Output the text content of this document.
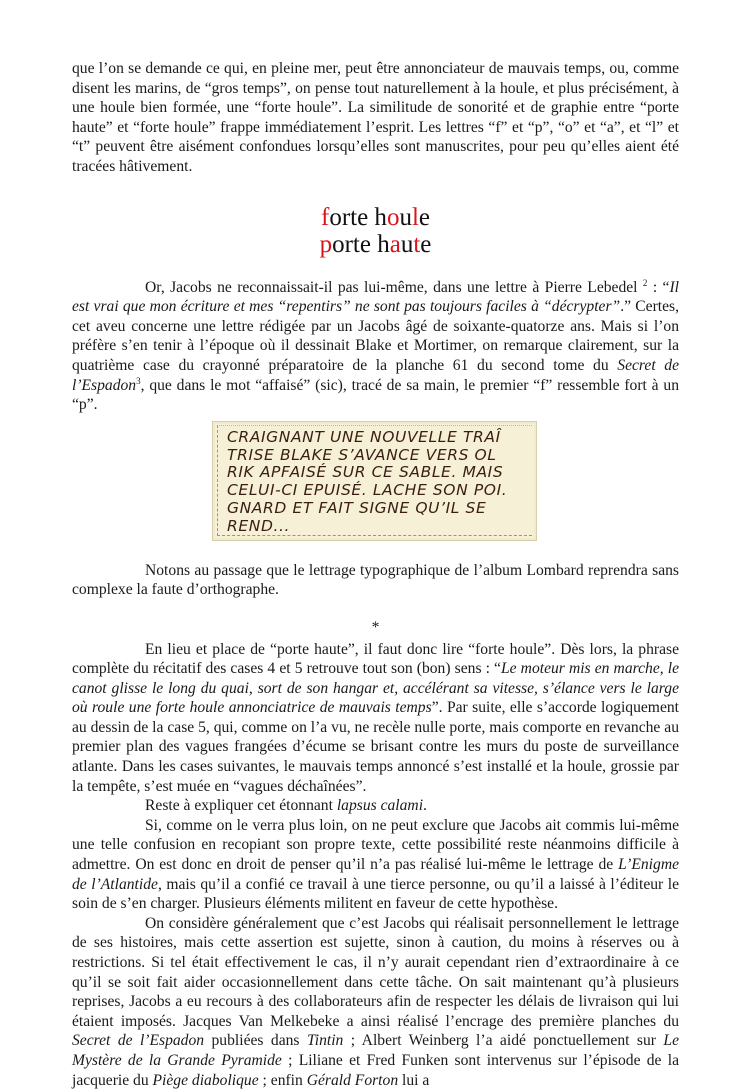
que l’on se demande ce qui, en pleine mer, peut être annonciateur de mauvais temps, ou, comme disent les marins, de “gros temps”, on pense tout naturellement à la houle, et plus précisément, à une houle bien formée, une “forte houle”. La similitude de sonorité et de graphie entre “porte haute” et “forte houle” frappe immédiatement l’esprit. Les lettres “f” et “p”, “o” et “a”, et “l” et “t” peuvent être aisément confondues lorsqu’elles sont manuscrites, pour peu qu’elles aient été tracées hâtivement.

forte houle
porte haute

Or, Jacobs ne reconnaissait-il pas lui-même, dans une lettre à Pierre Lebedel $^2$ : “Il est vrai que mon écriture et mes “repentirs” ne sont pas toujours faciles à “décrypter”.” Certes, cet aveu concerne une lettre rédigée par un Jacobs âgé de soixante-quatorze ans. Mais si l’on préfère s’en tenir à l’époque où il dessinait Blake et Mortimer, on remarque clairement, sur la quatrième case du crayonné préparatoire de la planche 61 du second tome du Secret de l’Espadon$^3$, que dans le mot “affaisé” (sic), tracé de sa main, le premier “f” ressemble fort à un “p”.

CRAIGNANT UNE NOUVELLE TRAÎ
TRISE BLAKE S’AVANCE VERS OL
RIK APFAISÉ SUR CE SABLE. MAIS
CELUI-CI EPUISÉ. LACHE SON POI.
GNARD ET FAIT SIGNE QU’IL SE
REND...

Notons au passage que le lettrage typographique de l’album Lombard reprendra sans complexe la faute d’orthographe.

*

En lieu et place de “porte haute”, il faut donc lire “forte houle”. Dès lors, la phrase complète du récitatif des cases 4 et 5 retrouve tout son (bon) sens : “Le moteur mis en marche, le canot glisse le long du quai, sort de son hangar et, accélérant sa vitesse, s’élance vers le large où roule une forte houle annonciatrice de mauvais temps”. Par suite, elle s’accorde logiquement au dessin de la case 5, qui, comme on l’a vu, ne recèle nulle porte, mais comporte en revanche au premier plan des vagues frangées d’écume se brisant contre les murs du poste de surveillance atlante. Dans les cases suivantes, le mauvais temps annoncé s’est installé et la houle, grossie par la tempête, s’est muée en “vagues déchaînées”.

Reste à expliquer cet étonnant lapsus calami.

Si, comme on le verra plus loin, on ne peut exclure que Jacobs ait commis lui-même une telle confusion en recopiant son propre texte, cette possibilité reste néanmoins difficile à admettre. On est donc en droit de penser qu’il n’a pas réalisé lui-même le lettrage de L’Enigme de l’Atlantide, mais qu’il a confié ce travail à une tierce personne, ou qu’il a laissé à l’éditeur le soin de s’en charger. Plusieurs éléments militent en faveur de cette hypothèse.

On considère généralement que c’est Jacobs qui réalisait personnellement le lettrage de ses histoires, mais cette assertion est sujette, sinon à caution, du moins à réserves ou à restrictions. Si tel était effectivement le cas, il n’y aurait cependant rien d’extraordinaire à ce qu’il se soit fait aider occasionnellement dans cette tâche. On sait maintenant qu’à plusieurs reprises, Jacobs a eu recours à des collaborateurs afin de respecter les délais de livraison qui lui étaient imposés. Jacques Van Melkebeke a ainsi réalisé l’encrage des première planches du Secret de l’Espadon publiées dans Tintin ; Albert Weinberg l’a aidé ponctuellement sur Le Mystère de la Grande Pyramide ; Liliane et Fred Funken sont intervenus sur l’épisode de la jacquerie du Piège diabolique ; enfin Gérald Forton lui a
